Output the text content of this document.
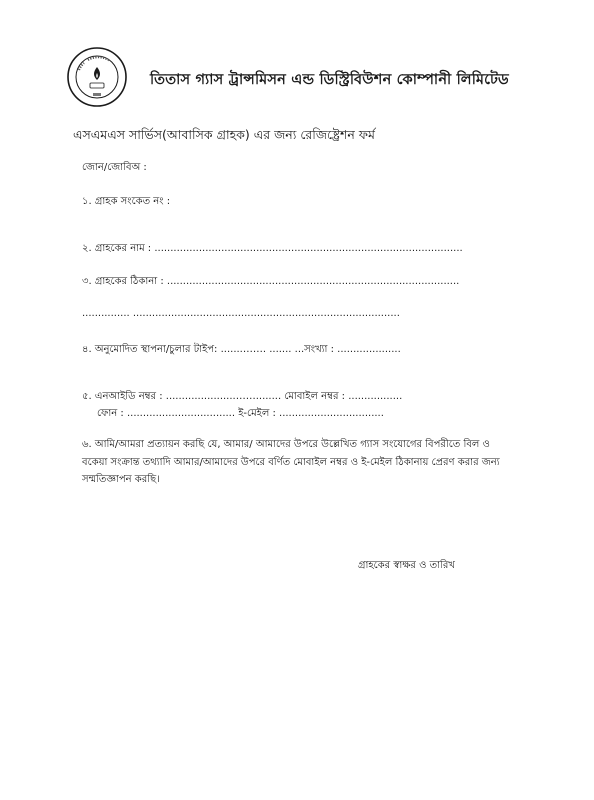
তিতাস গ্যাস ট্রান্সমিসন এন্ড ডিস্ট্রিবিউশন কোম্পানী লিমিটেড
এসএমএস সার্ভিস(আবাসিক গ্রাহক) এর জন্য রেজিষ্ট্রেশন ফর্ম
জোন/জোবিঅ :
১. গ্রাহক সংকেত নং :
২. গ্রাহকের নাম : .................................................................................................
৩. গ্রাহকের ঠিকানা : ............................................................................................
............... ....................................................................................
৪. অনুমোদিত স্থাপনা/চুলার টাইপ: .......……. ....... ...সংখ্যা : ....................
৫. এনআইডি নম্বর : ......................……........ মোবাইল নম্বর : .................
ফোন : .................................. ই-মেইল : .................................
৬. আমি/আমরা প্রত্যায়ন করছি যে, আমার/ আমাদের উপরে উল্লেখিত গ্যাস সংযোগের বিপরীতে বিল ও
বকেয়া সংক্রান্ত তথ্যাদি আমার/আমাদের উপরে বর্ণিত মোবাইল নম্বর ও ই-মেইল ঠিকানায় প্রেরণ করার জন্য
সম্মতিজ্ঞাপন করছি।
গ্রাহকের স্বাক্ষর ও তারিখ
